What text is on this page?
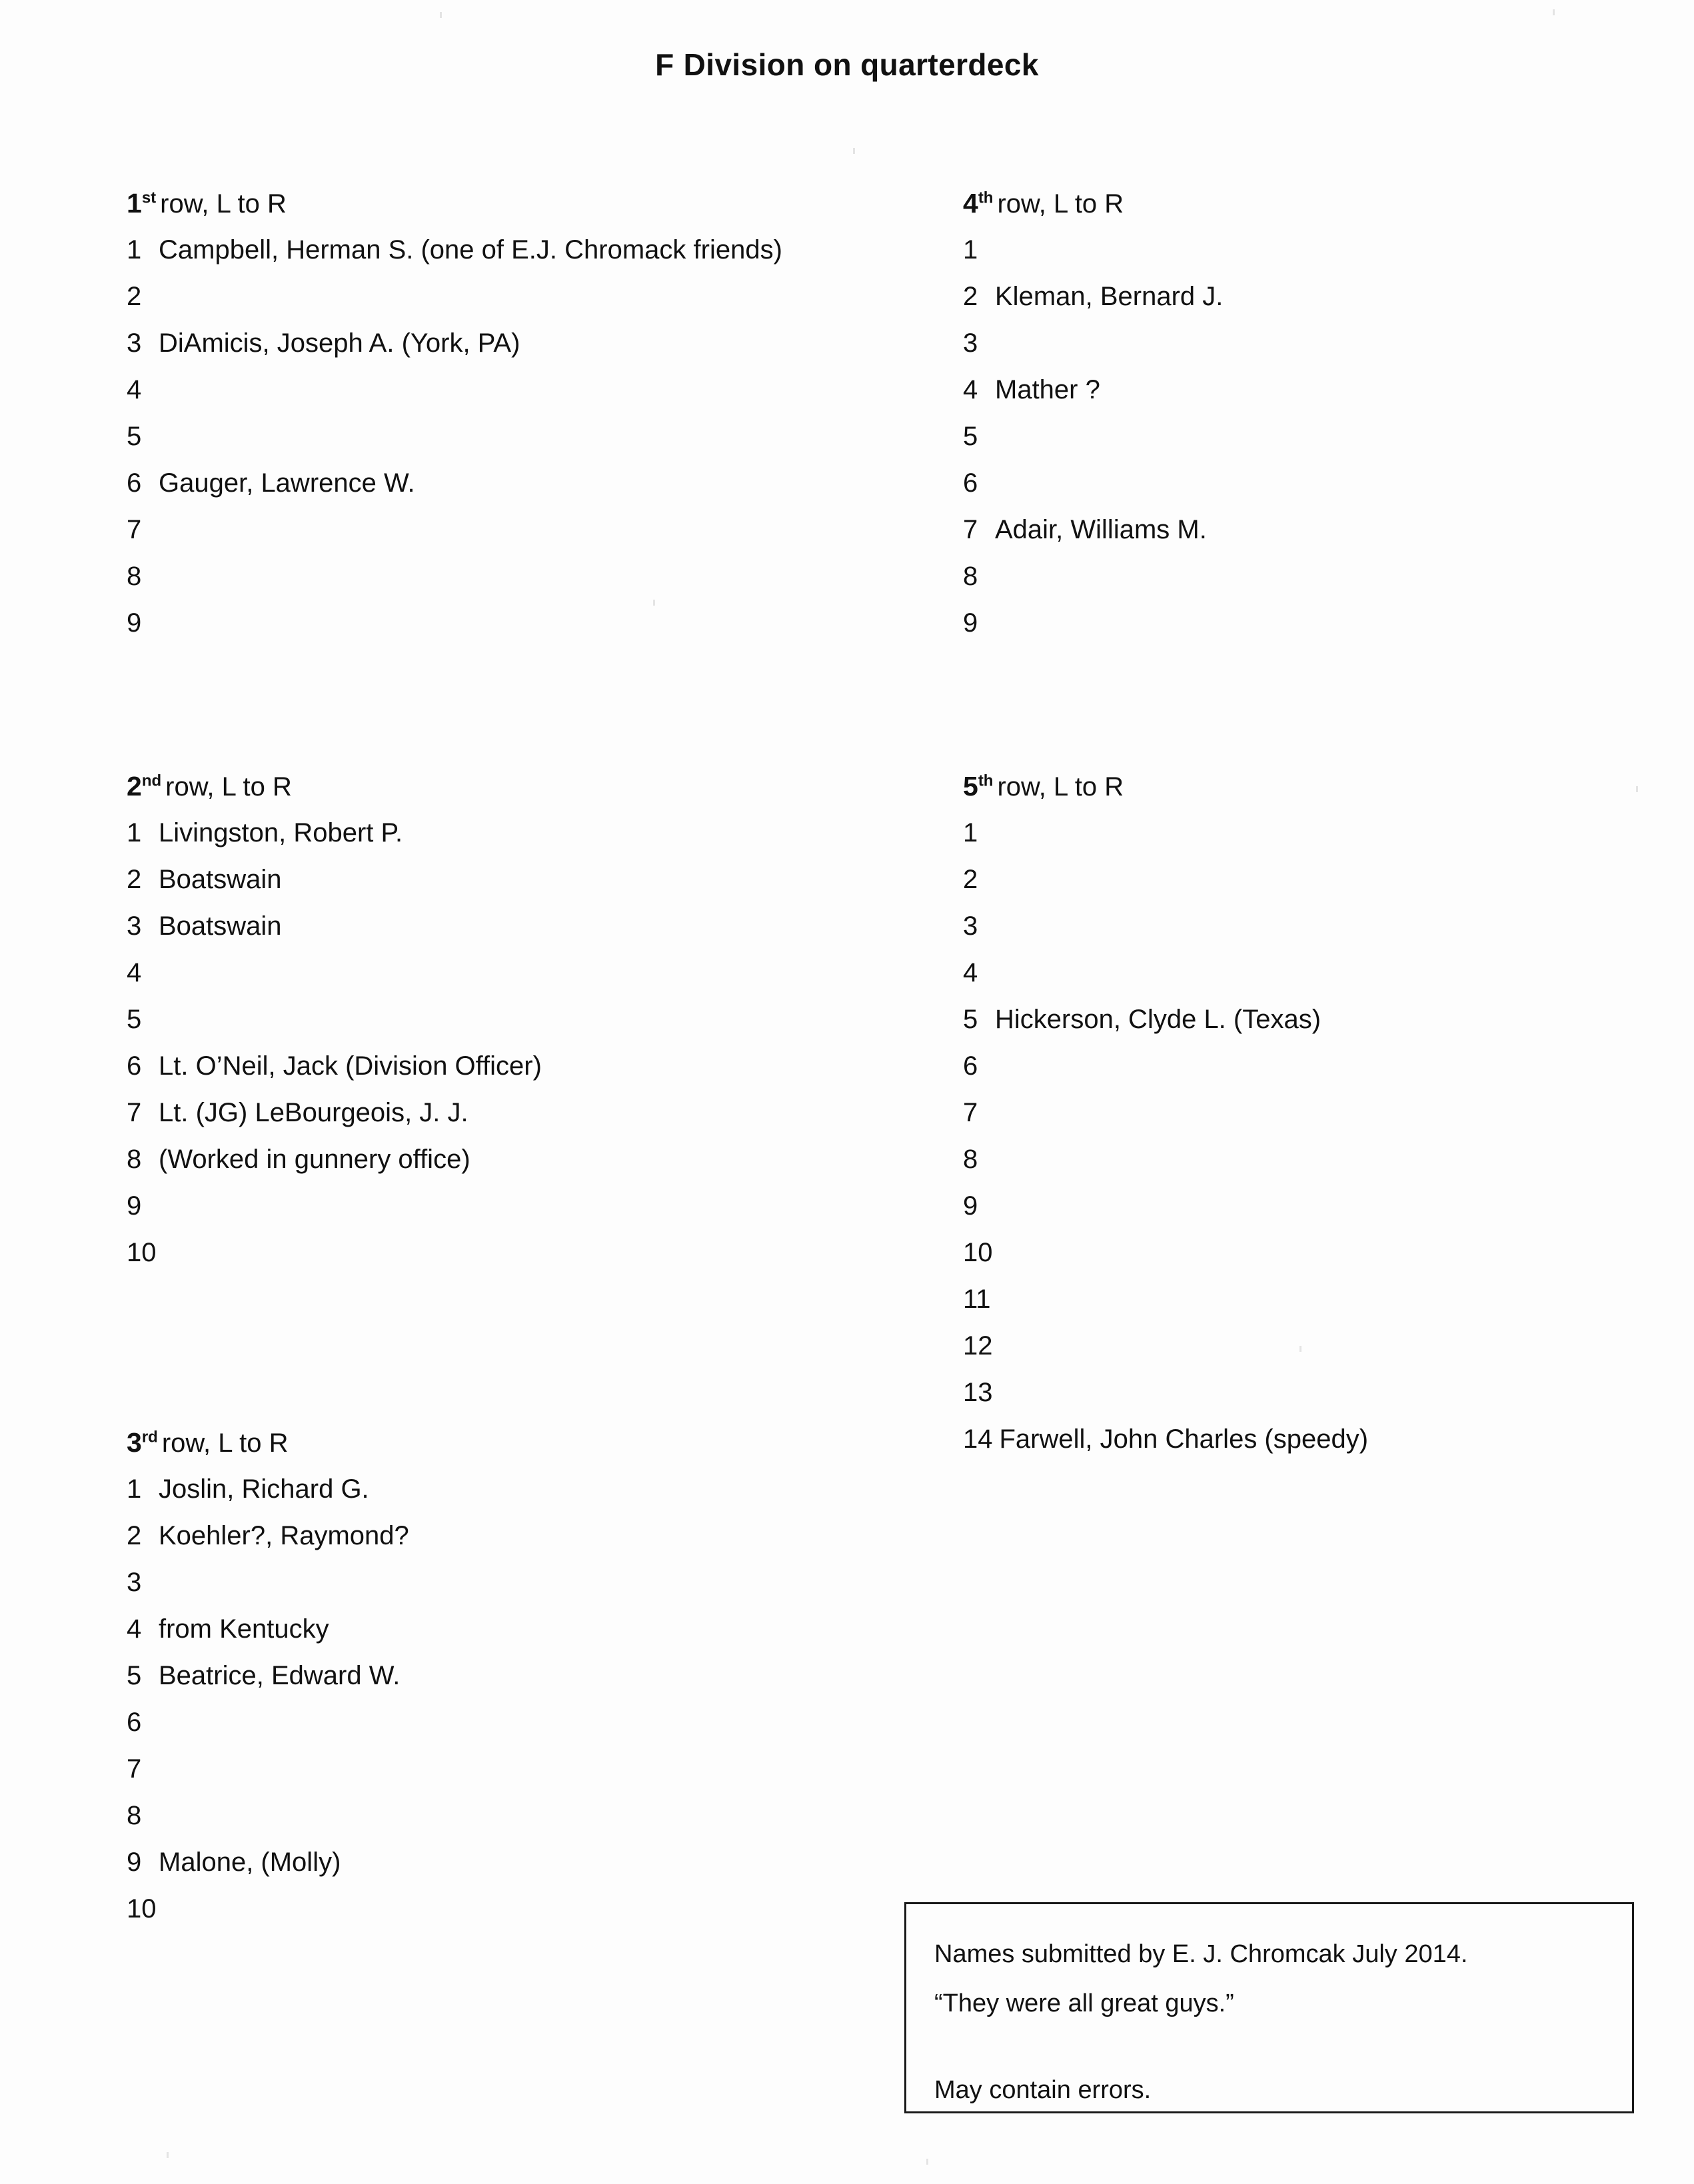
F Division on quarterdeck
1st row, L to R
1 Campbell, Herman S. (one of E.J. Chromack friends)
2
3 DiAmicis, Joseph A. (York, PA)
4
5
6 Gauger, Lawrence W.
7
8
9
2nd row, L to R
1 Livingston, Robert P.
2 Boatswain
3 Boatswain
4
5
6 Lt. O’Neil, Jack (Division Officer)
7 Lt. (JG) LeBourgeois, J. J.
8 (Worked in gunnery office)
9
10
3rd row, L to R
1 Joslin, Richard G.
2 Koehler?, Raymond?
3
4 from Kentucky
5 Beatrice, Edward W.
6
7
8
9 Malone, (Molly)
10
4th row, L to R
1
2 Kleman, Bernard J.
3
4 Mather ?
5
6
7 Adair, Williams M.
8
9
5th row, L to R
1
2
3
4
5 Hickerson, Clyde L. (Texas)
6
7
8
9
10
11
12
13
14 Farwell, John Charles (speedy)
Names submitted by E. J. Chromcak July 2014.
“They were all great guys.”
May contain errors.
